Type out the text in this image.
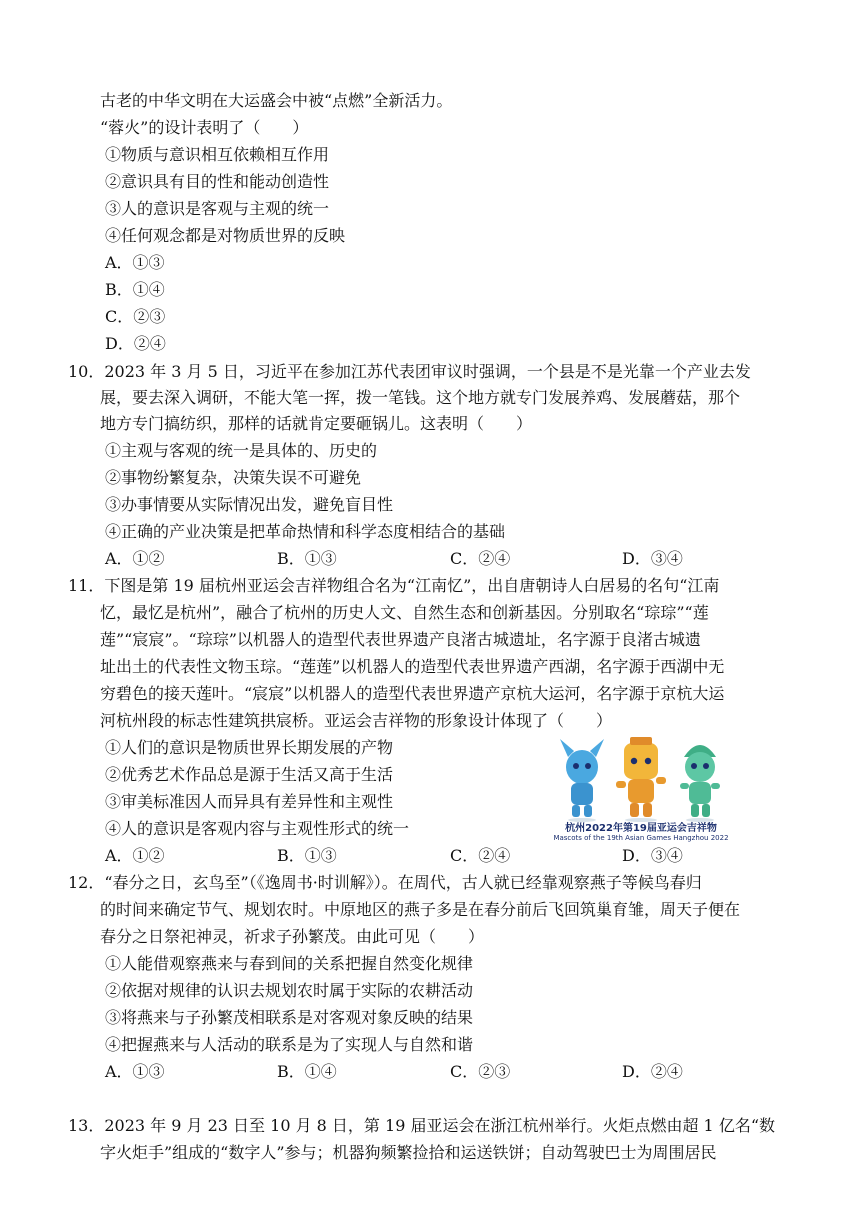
古老的中华文明在大运盛会中被“点燃”全新活力。
“蓉火”的设计表明了（　　）
①物质与意识相互依赖相互作用
②意识具有目的性和能动创造性
③人的意识是客观与主观的统一
④任何观念都是对物质世界的反映
A．①③
B．①④
C．②③
D．②④
10．2023 年 3 月 5 日，习近平在参加江苏代表团审议时强调，一个县是不是光靠一个产业去发
展，要去深入调研，不能大笔一挥，拨一笔钱。这个地方就专门发展养鸡、发展蘑菇，那个
地方专门搞纺织，那样的话就肯定要砸锅儿。这表明（　　）
①主观与客观的统一是具体的、历史的
②事物纷繁复杂，决策失误不可避免
③办事情要从实际情况出发，避免盲目性
④正确的产业决策是把革命热情和科学态度相结合的基础
A．①②	B．①③	C．②④	D．③④
11．下图是第 19 届杭州亚运会吉祥物组合名为“江南忆”，出自唐朝诗人白居易的名句“江南
忆，最忆是杭州”，融合了杭州的历史人文、自然生态和创新基因。分别取名“琮琮”“莲
莲”“宸宸”。“琮琮”以机器人的造型代表世界遗产良渚古城遗址，名字源于良渚古城遗
址出土的代表性文物玉琮。“莲莲”以机器人的造型代表世界遗产西湖，名字源于西湖中无
穷碧色的接天莲叶。“宸宸”以机器人的造型代表世界遗产京杭大运河，名字源于京杭大运
河杭州段的标志性建筑拱宸桥。亚运会吉祥物的形象设计体现了（　　）
①人们的意识是物质世界长期发展的产物
②优秀艺术作品总是源于生活又高于生活
③审美标准因人而异具有差异性和主观性
④人的意识是客观内容与主观性形式的统一
A．①②	B．①③	C．②④	D．③④
杭州2022年第19届亚运会吉祥物
Mascots of the 19th Asian Games Hangzhou 2022
12．“春分之日，玄鸟至”（《逸周书·时训解》）。在周代，古人就已经靠观察燕子等候鸟春归
的时间来确定节气、规划农时。中原地区的燕子多是在春分前后飞回筑巢育雏，周天子便在
春分之日祭祀神灵，祈求子孙繁茂。由此可见（　　）
①人能借观察燕来与春到间的关系把握自然变化规律
②依据对规律的认识去规划农时属于实际的农耕活动
③将燕来与子孙繁茂相联系是对客观对象反映的结果
④把握燕来与人活动的联系是为了实现人与自然和谐
A．①③	B．①④	C．②③	D．②④
13．2023 年 9 月 23 日至 10 月 8 日，第 19 届亚运会在浙江杭州举行。火炬点燃由超 1 亿名“数
字火炬手”组成的“数字人”参与；机器狗频繁捡拾和运送铁饼；自动驾驶巴士为周围居民
